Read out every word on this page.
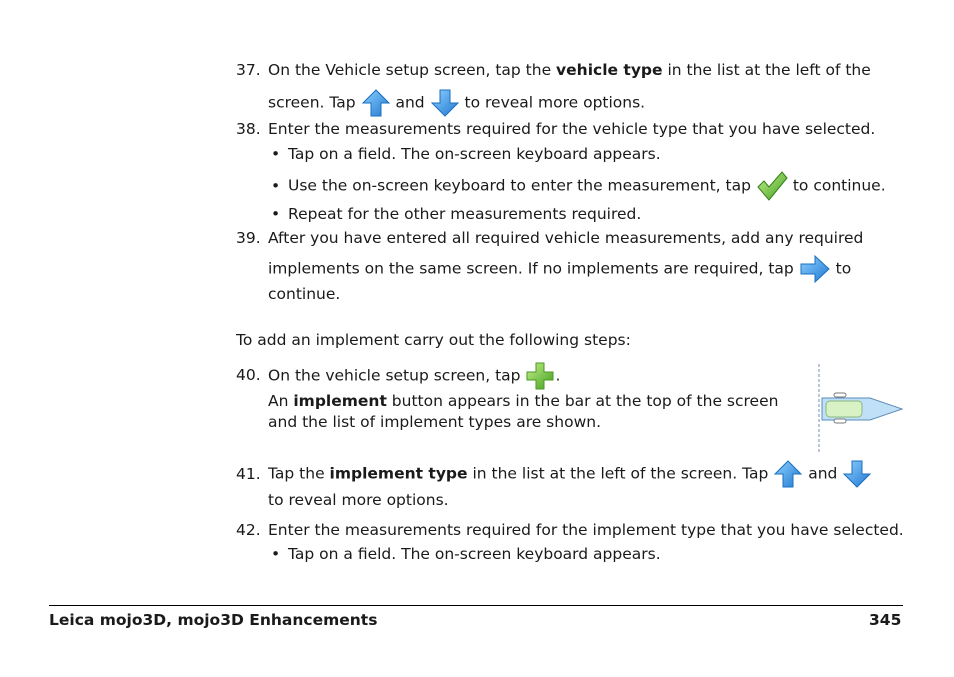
37. On the Vehicle setup screen, tap the vehicle type in the list at the left of the
screen. Tap  and  to reveal more options.
38. Enter the measurements required for the vehicle type that you have selected.
• Tap on a field. The on-screen keyboard appears.
• Use the on-screen keyboard to enter the measurement, tap  to continue.
• Repeat for the other measurements required.
39. After you have entered all required vehicle measurements, add any required
implements on the same screen. If no implements are required, tap  to
continue.
To add an implement carry out the following steps:
40. On the vehicle setup screen, tap .
An implement button appears in the bar at the top of the screen
and the list of implement types are shown.
41. Tap the implement type in the list at the left of the screen. Tap  and
to reveal more options.
42. Enter the measurements required for the implement type that you have selected.
• Tap on a field. The on-screen keyboard appears.
Leica mojo3D, mojo3D Enhancements	345
